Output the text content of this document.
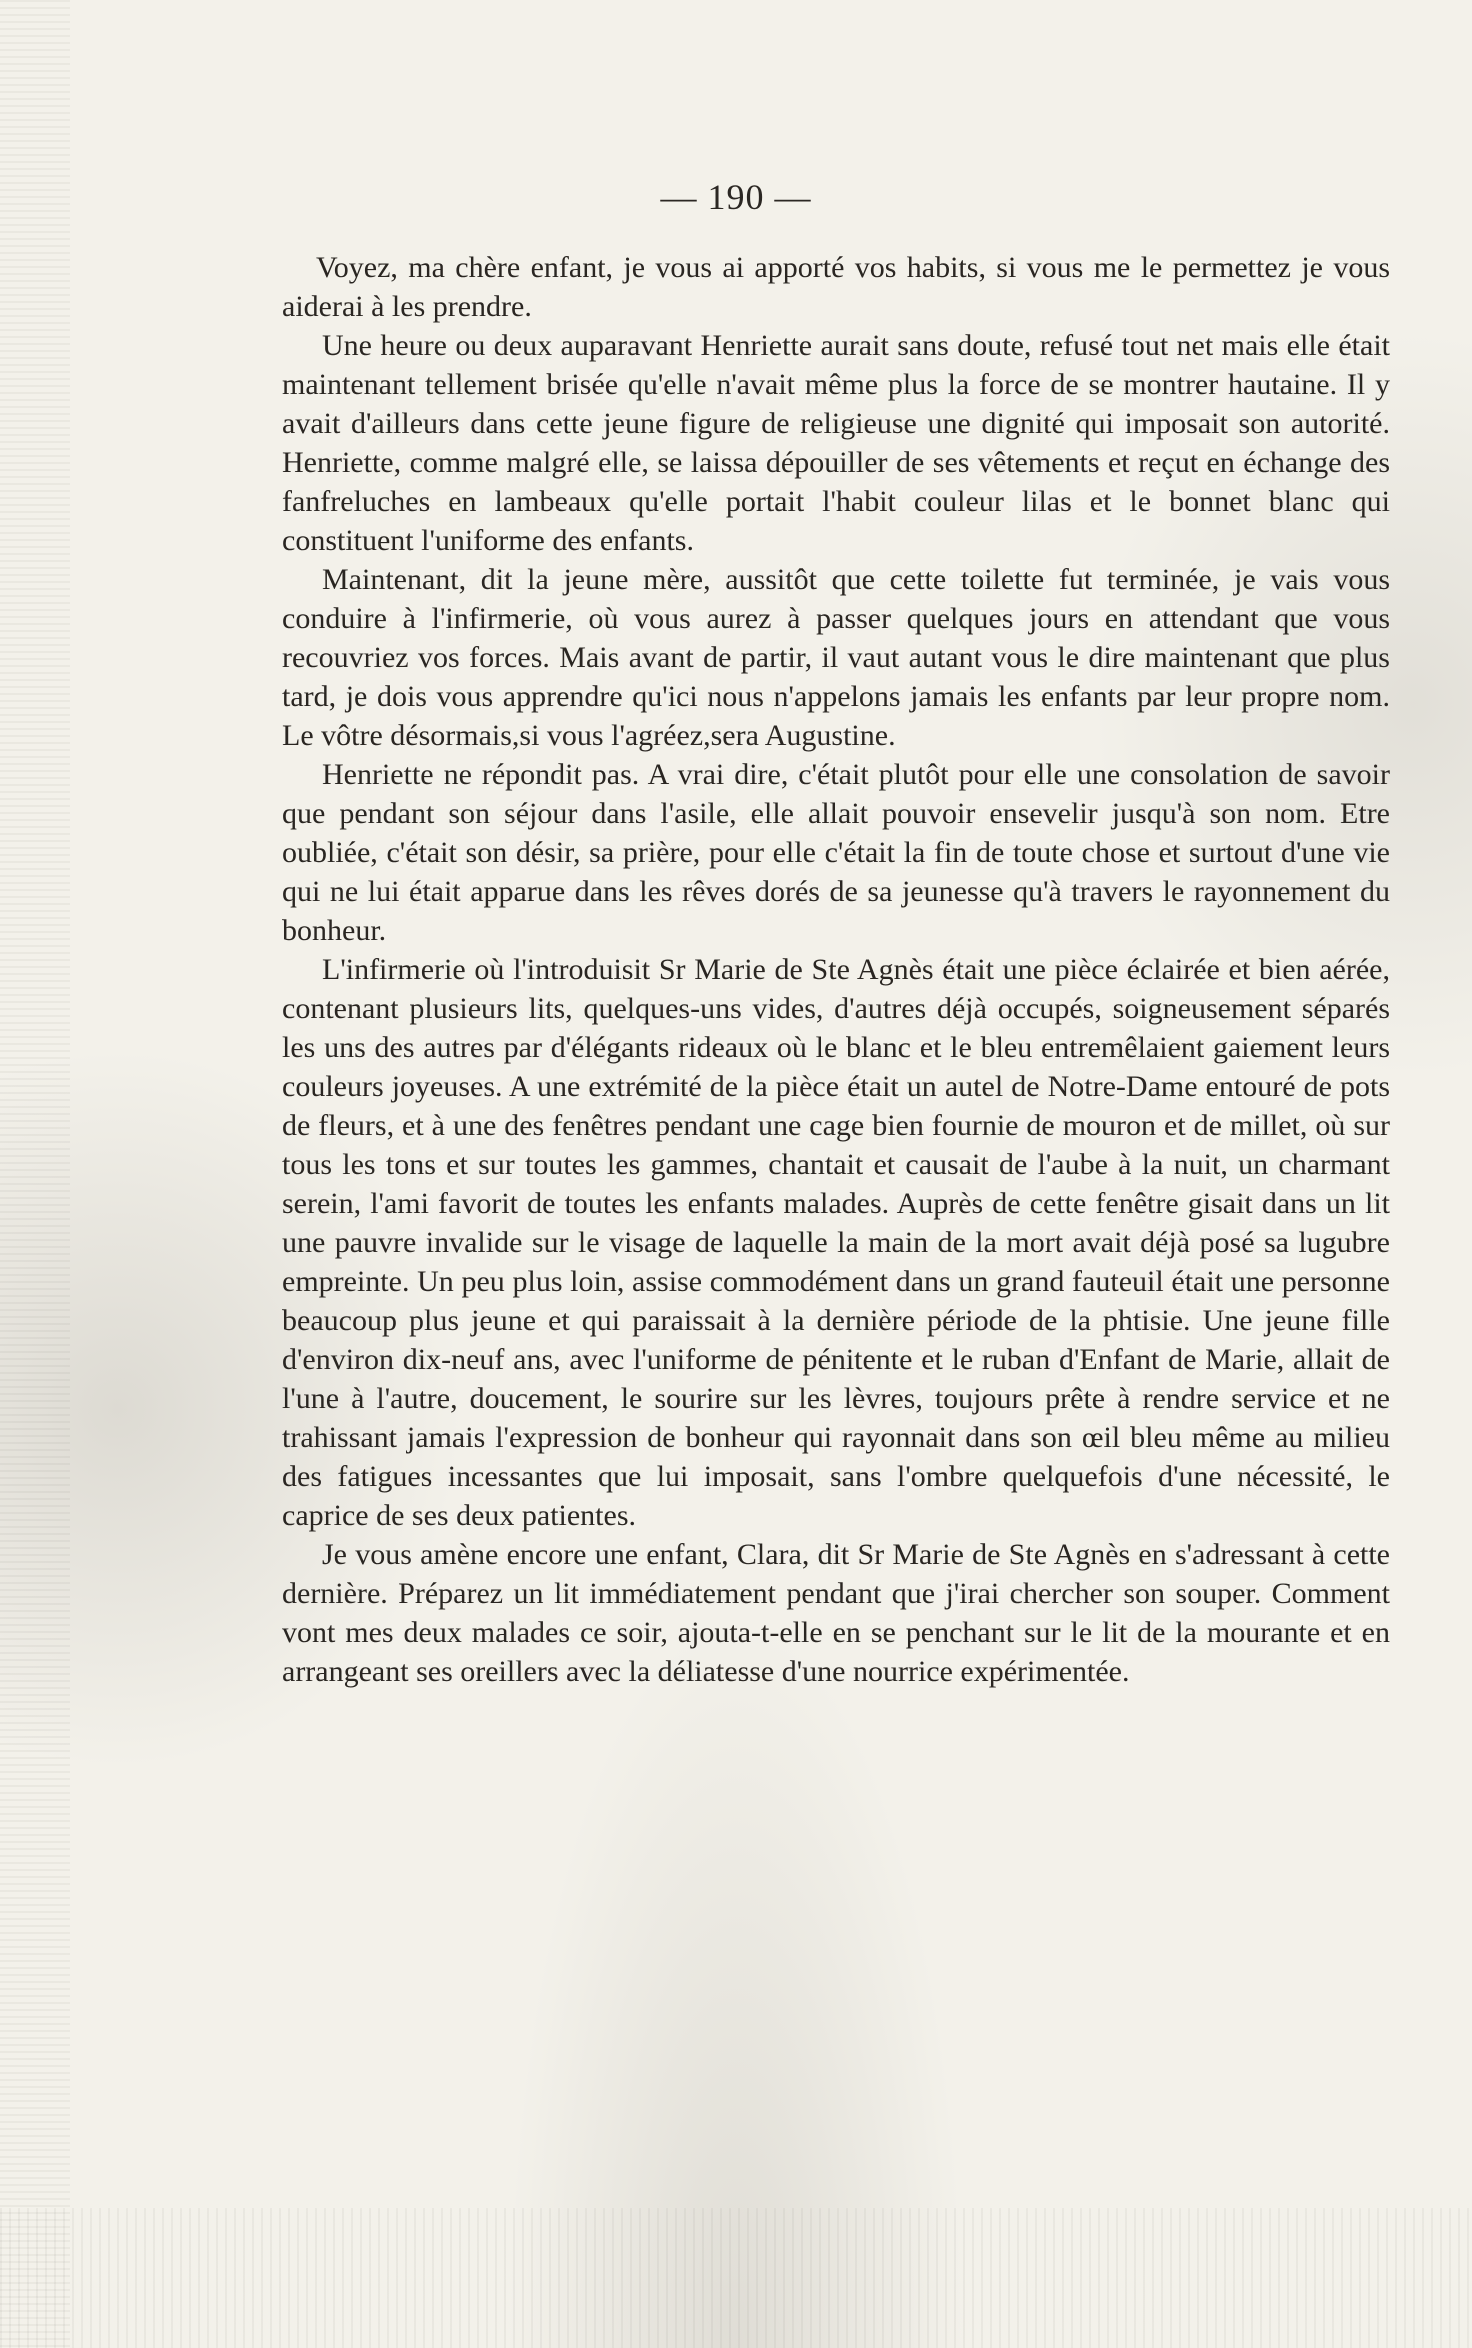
— 190 —

Voyez, ma chère enfant, je vous ai apporté vos habits, si vous me le permettez je vous aiderai à les prendre.

Une heure ou deux auparavant Henriette aurait sans doute, refusé tout net mais elle était maintenant tellement brisée qu'elle n'avait même plus la force de se montrer hautaine. Il y avait d'ailleurs dans cette jeune figure de religieuse une dignité qui imposait son autorité. Henriette, comme malgré elle, se laissa dépouiller de ses vêtements et reçut en échange des fanfreluches en lambeaux qu'elle portait l'habit couleur lilas et le bonnet blanc qui constituent l'uniforme des enfants.

Maintenant, dit la jeune mère, aussitôt que cette toilette fut terminée, je vais vous conduire à l'infirmerie, où vous aurez à passer quelques jours en attendant que vous recouvriez vos forces. Mais avant de partir, il vaut autant vous le dire maintenant que plus tard, je dois vous apprendre qu'ici nous n'appelons jamais les enfants par leur propre nom. Le vôtre désormais,si vous l'agréez,sera Augustine.

Henriette ne répondit pas. A vrai dire, c'était plutôt pour elle une consolation de savoir que pendant son séjour dans l'asile, elle allait pouvoir ensevelir jusqu'à son nom. Etre oubliée, c'était son désir, sa prière, pour elle c'était la fin de toute chose et surtout d'une vie qui ne lui était apparue dans les rêves dorés de sa jeunesse qu'à travers le rayonnement du bonheur.

L'infirmerie où l'introduisit Sr Marie de Ste Agnès était une pièce éclairée et bien aérée, contenant plusieurs lits, quelques-uns vides, d'autres déjà occupés, soigneusement séparés les uns des autres par d'élégants rideaux où le blanc et le bleu entremêlaient gaiement leurs couleurs joyeuses. A une extrémité de la pièce était un autel de Notre-Dame entouré de pots de fleurs, et à une des fenêtres pendant une cage bien fournie de mouron et de millet, où sur tous les tons et sur toutes les gammes, chantait et causait de l'aube à la nuit, un charmant serein, l'ami favorit de toutes les enfants malades. Auprès de cette fenêtre gisait dans un lit une pauvre invalide sur le visage de laquelle la main de la mort avait déjà posé sa lugubre empreinte. Un peu plus loin, assise commodément dans un grand fauteuil était une personne beaucoup plus jeune et qui paraissait à la dernière période de la phtisie. Une jeune fille d'environ dix-neuf ans, avec l'uniforme de pénitente et le ruban d'Enfant de Marie, allait de l'une à l'autre, doucement, le sourire sur les lèvres, toujours prête à rendre service et ne trahissant jamais l'expression de bonheur qui rayonnait dans son œil bleu même au milieu des fatigues incessantes que lui imposait, sans l'ombre quelquefois d'une nécessité, le caprice de ses deux patientes.

Je vous amène encore une enfant, Clara, dit Sr Marie de Ste Agnès en s'adressant à cette dernière. Préparez un lit immédiatement pendant que j'irai chercher son souper. Comment vont mes deux malades ce soir, ajouta-t-elle en se penchant sur le lit de la mourante et en arrangeant ses oreillers avec la déliatesse d'une nourrice expérimentée.
